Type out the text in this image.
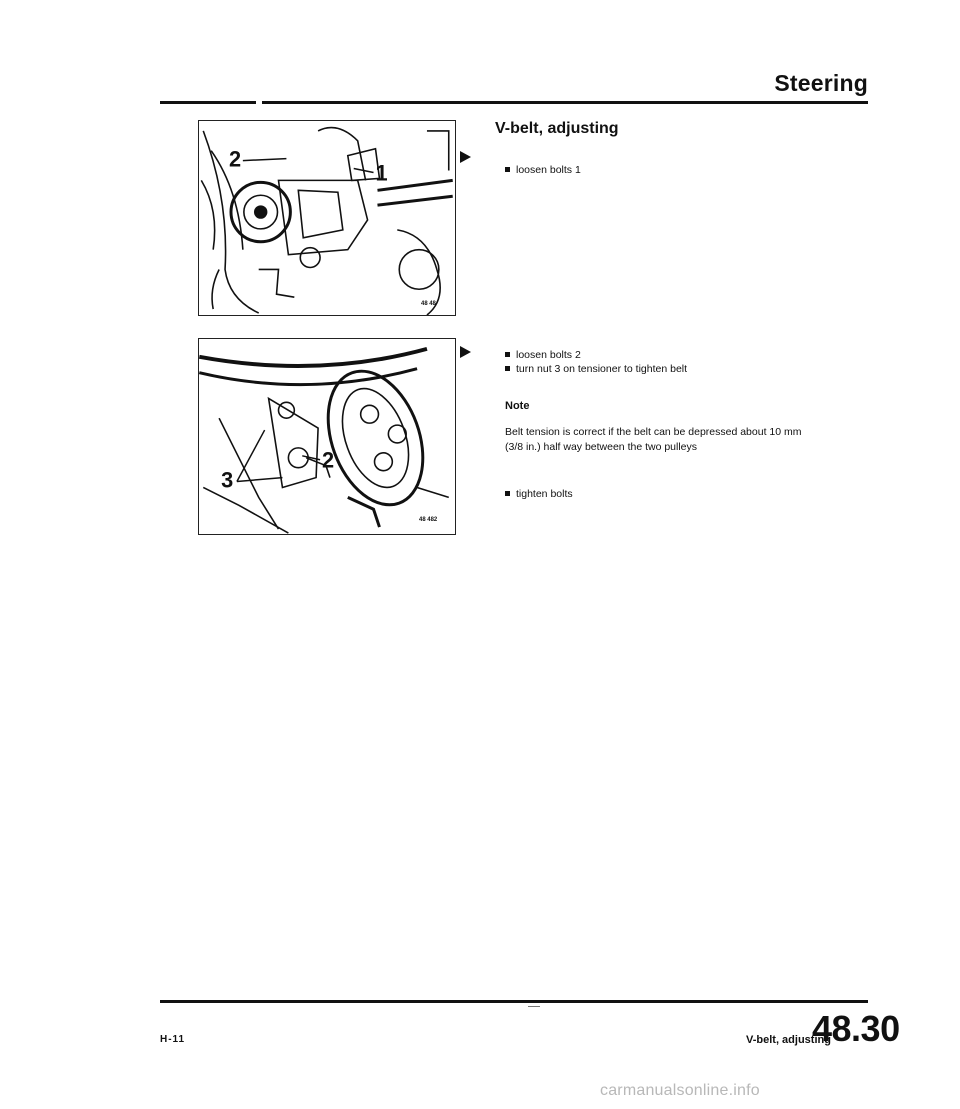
Steering
2
1
48 48
3
2
48 482
V-belt, adjusting
loosen bolts 1
loosen bolts 2
turn nut 3 on tensioner to tighten belt
Note
Belt tension is correct if the belt can be depressed about 10 mm (3/8 in.) half way between the two pulleys
tighten bolts
H-11	V-belt, adjusting
48.30
carmanualsonline.info
